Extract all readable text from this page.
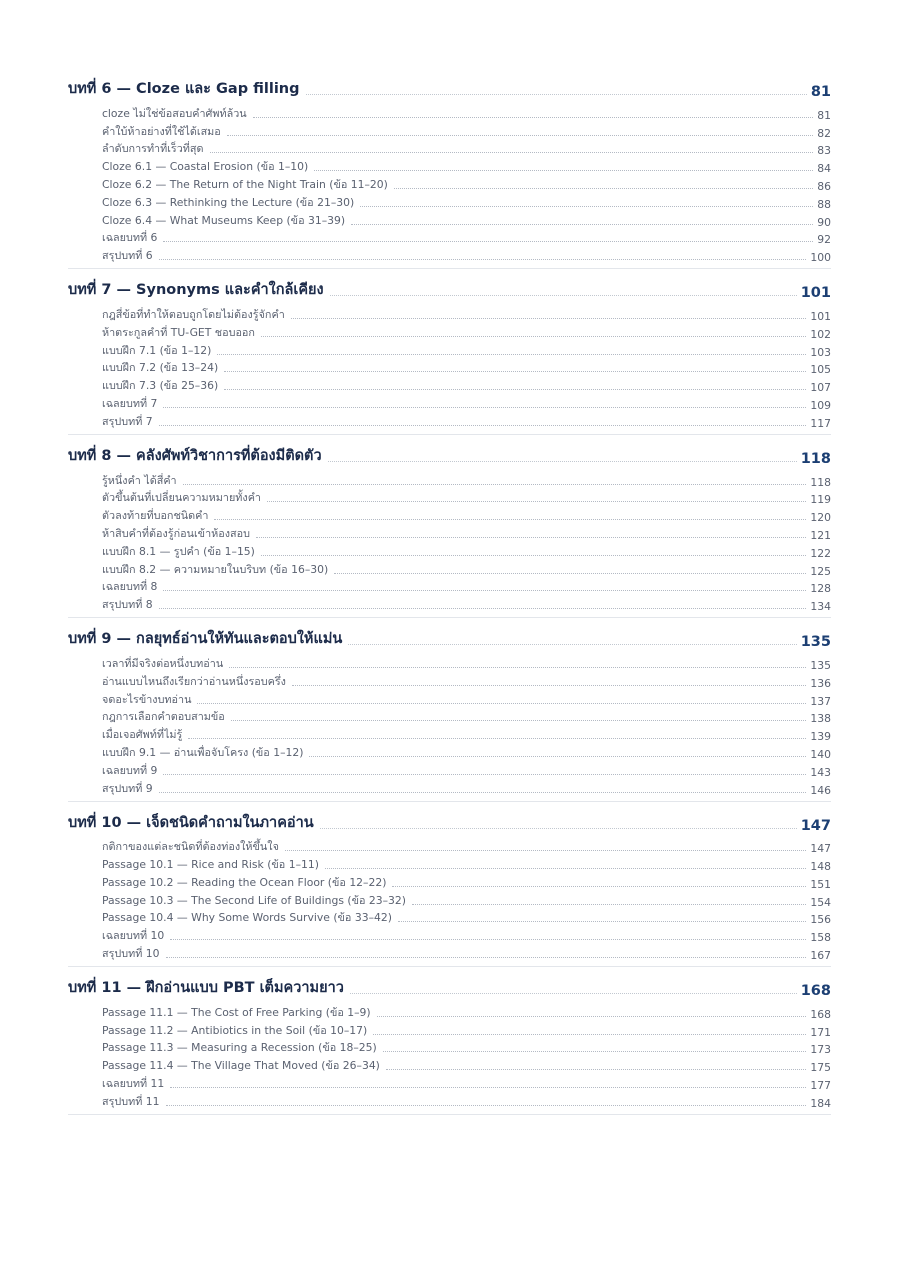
บทที่ 6 — Cloze และ Gap filling	81
cloze ไม่ใช่ข้อสอบคำศัพท์ล้วน	81
คำใบ้ห้าอย่างที่ใช้ได้เสมอ	82
ลำดับการทำที่เร็วที่สุด	83
Cloze 6.1 — Coastal Erosion (ข้อ 1–10)	84
Cloze 6.2 — The Return of the Night Train (ข้อ 11–20)	86
Cloze 6.3 — Rethinking the Lecture (ข้อ 21–30)	88
Cloze 6.4 — What Museums Keep (ข้อ 31–39)	90
เฉลยบทที่ 6	92
สรุปบทที่ 6	100
บทที่ 7 — Synonyms และคำใกล้เคียง	101
กฎสี่ข้อที่ทำให้ตอบถูกโดยไม่ต้องรู้จักคำ	101
ห้าตระกูลคำที่ TU-GET ชอบออก	102
แบบฝึก 7.1 (ข้อ 1–12)	103
แบบฝึก 7.2 (ข้อ 13–24)	105
แบบฝึก 7.3 (ข้อ 25–36)	107
เฉลยบทที่ 7	109
สรุปบทที่ 7	117
บทที่ 8 — คลังศัพท์วิชาการที่ต้องมีติดตัว	118
รู้หนึ่งคำ ได้สี่คำ	118
ตัวขึ้นต้นที่เปลี่ยนความหมายทั้งคำ	119
ตัวลงท้ายที่บอกชนิดคำ	120
ห้าสิบคำที่ต้องรู้ก่อนเข้าห้องสอบ	121
แบบฝึก 8.1 — รูปคำ (ข้อ 1–15)	122
แบบฝึก 8.2 — ความหมายในบริบท (ข้อ 16–30)	125
เฉลยบทที่ 8	128
สรุปบทที่ 8	134
บทที่ 9 — กลยุทธ์อ่านให้ทันและตอบให้แม่น	135
เวลาที่มีจริงต่อหนึ่งบทอ่าน	135
อ่านแบบไหนถึงเรียกว่าอ่านหนึ่งรอบครึ่ง	136
จดอะไรข้างบทอ่าน	137
กฎการเลือกคำตอบสามข้อ	138
เมื่อเจอศัพท์ที่ไม่รู้	139
แบบฝึก 9.1 — อ่านเพื่อจับโครง (ข้อ 1–12)	140
เฉลยบทที่ 9	143
สรุปบทที่ 9	146
บทที่ 10 — เจ็ดชนิดคำถามในภาคอ่าน	147
กติกาของแต่ละชนิดที่ต้องท่องให้ขึ้นใจ	147
Passage 10.1 — Rice and Risk (ข้อ 1–11)	148
Passage 10.2 — Reading the Ocean Floor (ข้อ 12–22)	151
Passage 10.3 — The Second Life of Buildings (ข้อ 23–32)	154
Passage 10.4 — Why Some Words Survive (ข้อ 33–42)	156
เฉลยบทที่ 10	158
สรุปบทที่ 10	167
บทที่ 11 — ฝึกอ่านแบบ PBT เต็มความยาว	168
Passage 11.1 — The Cost of Free Parking (ข้อ 1–9)	168
Passage 11.2 — Antibiotics in the Soil (ข้อ 10–17)	171
Passage 11.3 — Measuring a Recession (ข้อ 18–25)	173
Passage 11.4 — The Village That Moved (ข้อ 26–34)	175
เฉลยบทที่ 11	177
สรุปบทที่ 11	184
